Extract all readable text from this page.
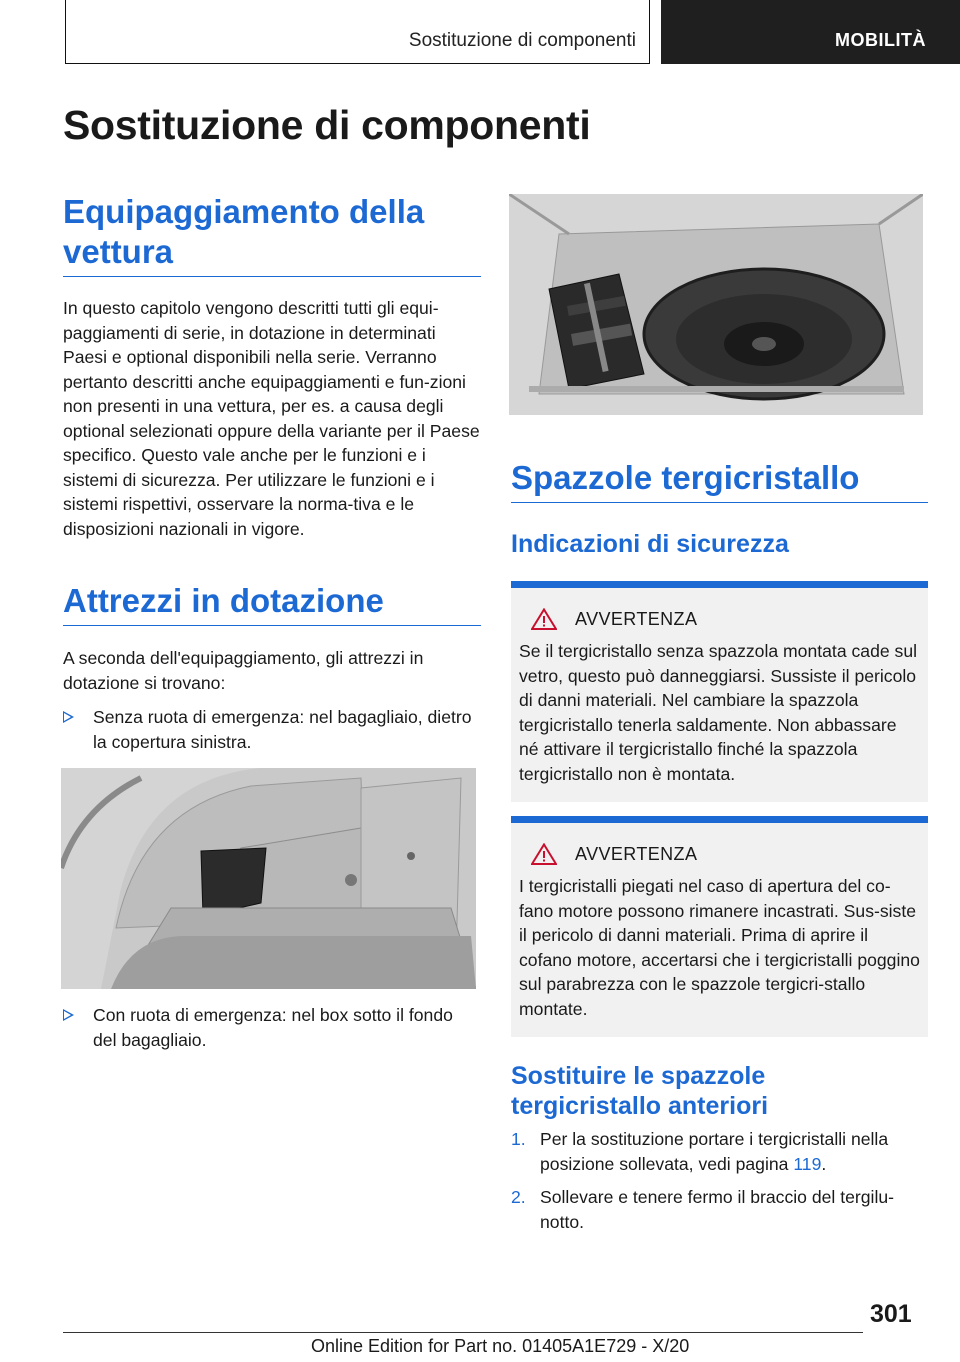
Sostituzione di componenti	MOBILITÀ
Sostituzione di componenti
Equipaggiamento della vettura

In questo capitolo vengono descritti tutti gli equi-paggiamenti di serie, in dotazione in determinati Paesi e optional disponibili nella serie. Verranno pertanto descritti anche equipaggiamenti e fun-zioni non presenti in una vettura, per es. a causa degli optional selezionati oppure della variante per il Paese specifico. Questo vale anche per le funzioni e i sistemi di sicurezza. Per utilizzare le funzioni e i sistemi rispettivi, osservare la norma-tiva e le disposizioni nazionali in vigore.

Attrezzi in dotazione

A seconda dell'equipaggiamento, gli attrezzi in dotazione si trovano:

Senza ruota di emergenza: nel bagagliaio, dietro la copertura sinistra.
Con ruota di emergenza: nel box sotto il fondo del bagagliaio.
Spazzole tergicristallo
Indicazioni di sicurezza
AVVERTENZA

Se il tergicristallo senza spazzola montata cade sul vetro, questo può danneggiarsi. Sussiste il pericolo di danni materiali. Nel cambiare la spazzola tergicristallo tenerla saldamente. Non abbassare né attivare il tergicristallo finché la spazzola tergicristallo non è montata.

AVVERTENZA

I tergicristalli piegati nel caso di apertura del co-fano motore possono rimanere incastrati. Sus-siste il pericolo di danni materiali. Prima di aprire il cofano motore, accertarsi che i tergicristalli poggino sul parabrezza con le spazzole tergicri-stallo montate.

Sostituire le spazzole tergicristallo anteriori
1. Per la sostituzione portare i tergicristalli nella posizione sollevata, vedi pagina 119.
2. Sollevare e tenere fermo il braccio del tergilu-notto.
301
Online Edition for Part no. 01405A1E729 - X/20
